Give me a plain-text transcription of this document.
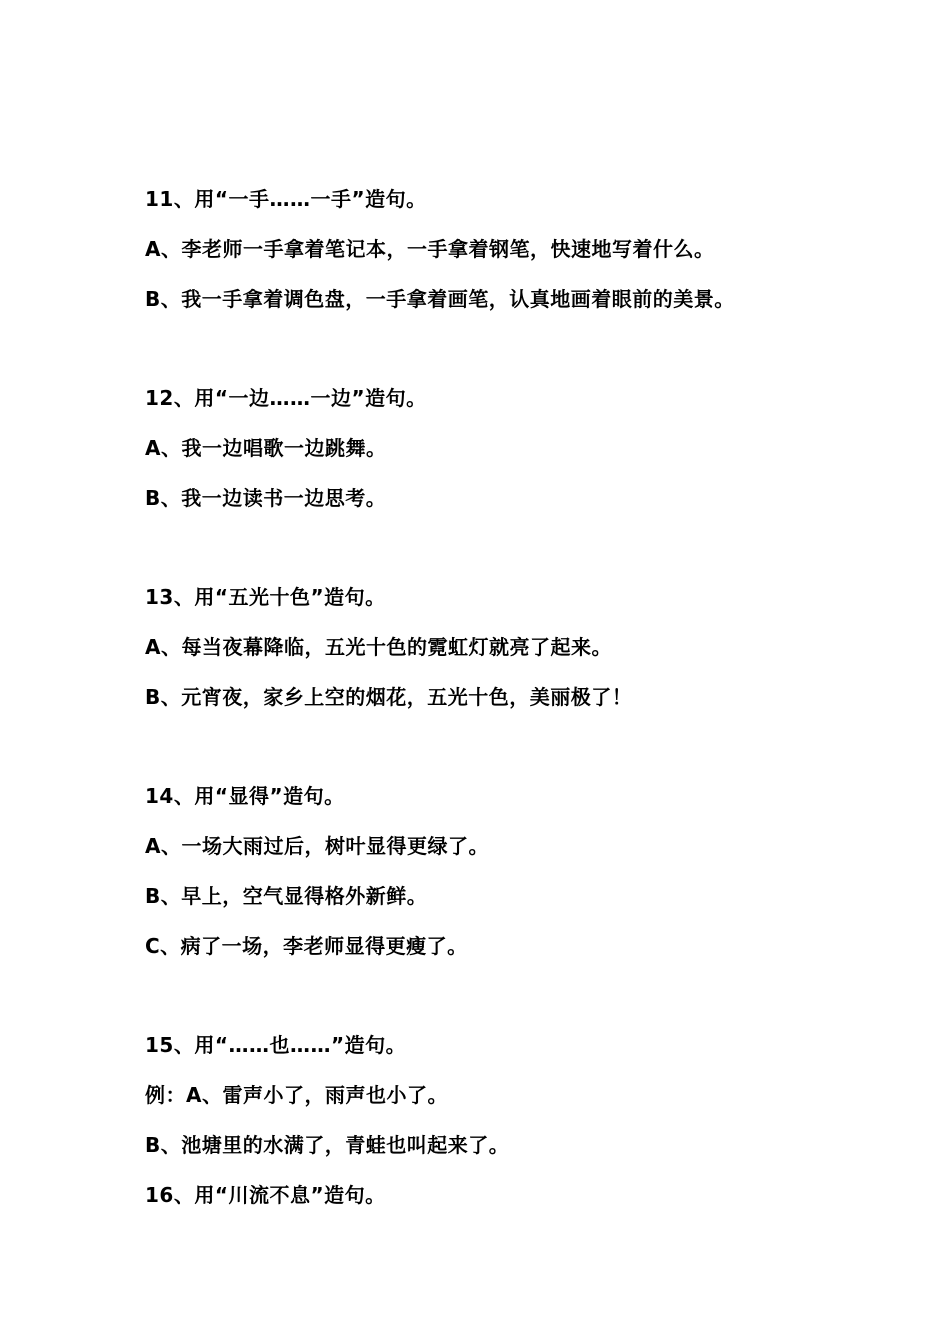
11、用“一手……一手”造句。
A、李老师一手拿着笔记本，一手拿着钢笔，快速地写着什么。
B、我一手拿着调色盘，一手拿着画笔，认真地画着眼前的美景。
12、用“一边……一边”造句。
A、我一边唱歌一边跳舞。
B、我一边读书一边思考。
13、用“五光十色”造句。
A、每当夜幕降临，五光十色的霓虹灯就亮了起来。
B、元宵夜，家乡上空的烟花，五光十色，美丽极了！
14、用“显得”造句。
A、一场大雨过后，树叶显得更绿了。
B、早上，空气显得格外新鲜。
C、病了一场，李老师显得更瘦了。
15、用“……也……”造句。
例：A、雷声小了，雨声也小了。
B、池塘里的水满了，青蛙也叫起来了。
16、用“川流不息”造句。
